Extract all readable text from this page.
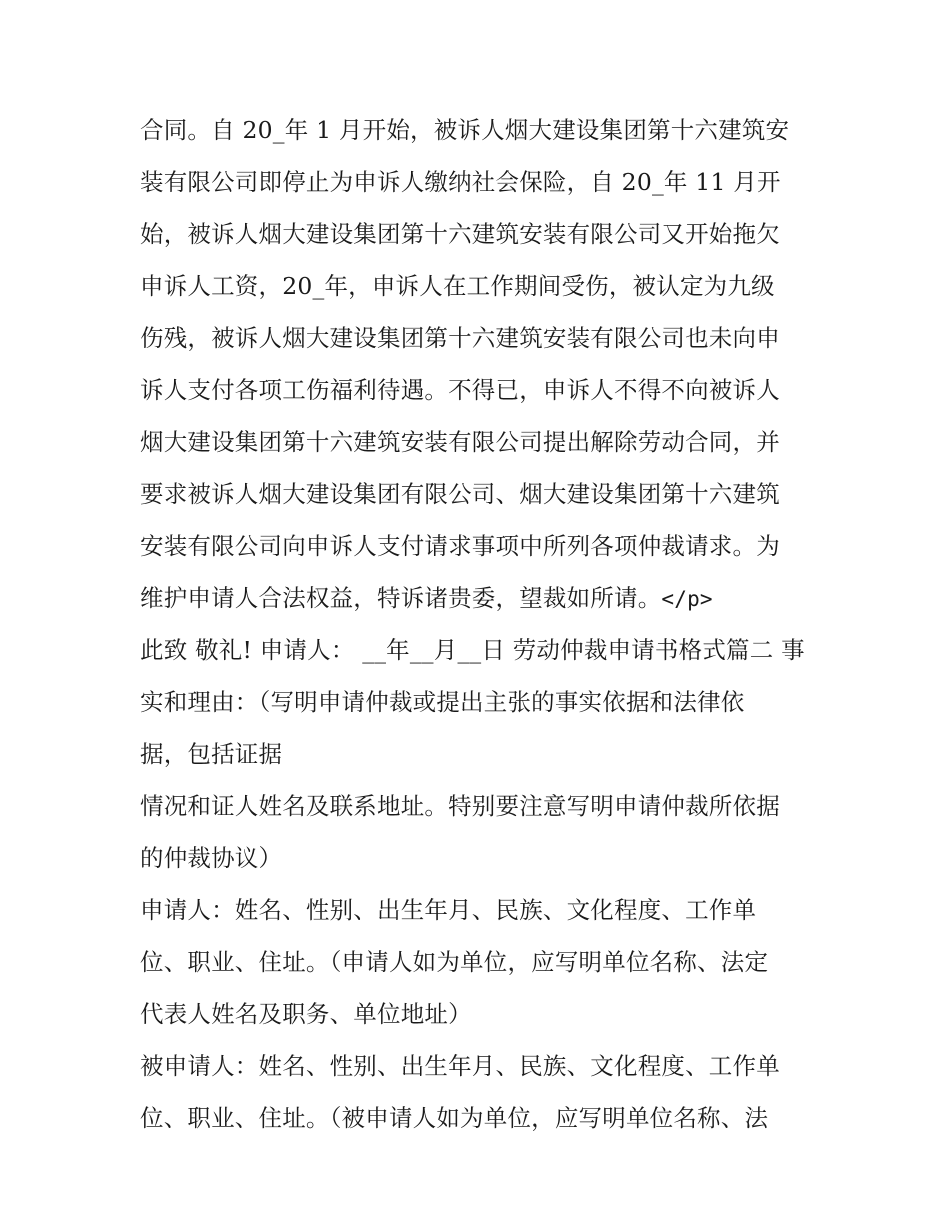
合同。自 20_年 1 月开始，被诉人烟大建设集团第十六建筑安
装有限公司即停止为申诉人缴纳社会保险，自 20_年 11 月开
始，被诉人烟大建设集团第十六建筑安装有限公司又开始拖欠
申诉人工资，20_年，申诉人在工作期间受伤，被认定为九级
伤残，被诉人烟大建设集团第十六建筑安装有限公司也未向申
诉人支付各项工伤福利待遇。不得已，申诉人不得不向被诉人
烟大建设集团第十六建筑安装有限公司提出解除劳动合同，并
要求被诉人烟大建设集团有限公司、烟大建设集团第十六建筑
安装有限公司向申诉人支付请求事项中所列各项仲裁请求。为
维护申请人合法权益，特诉诸贵委，望裁如所请。</p>
此致 敬礼! 申请人： __年__月__日 劳动仲裁申请书格式篇二 事
实和理由：（写明申请仲裁或提出主张的事实依据和法律依
据，包括证据
情况和证人姓名及联系地址。特别要注意写明申请仲裁所依据
的仲裁协议）
申请人：姓名、性别、出生年月、民族、文化程度、工作单
位、职业、住址。（申请人如为单位，应写明单位名称、法定
代表人姓名及职务、单位地址）
被申请人：姓名、性别、出生年月、民族、文化程度、工作单
位、职业、住址。（被申请人如为单位，应写明单位名称、法
